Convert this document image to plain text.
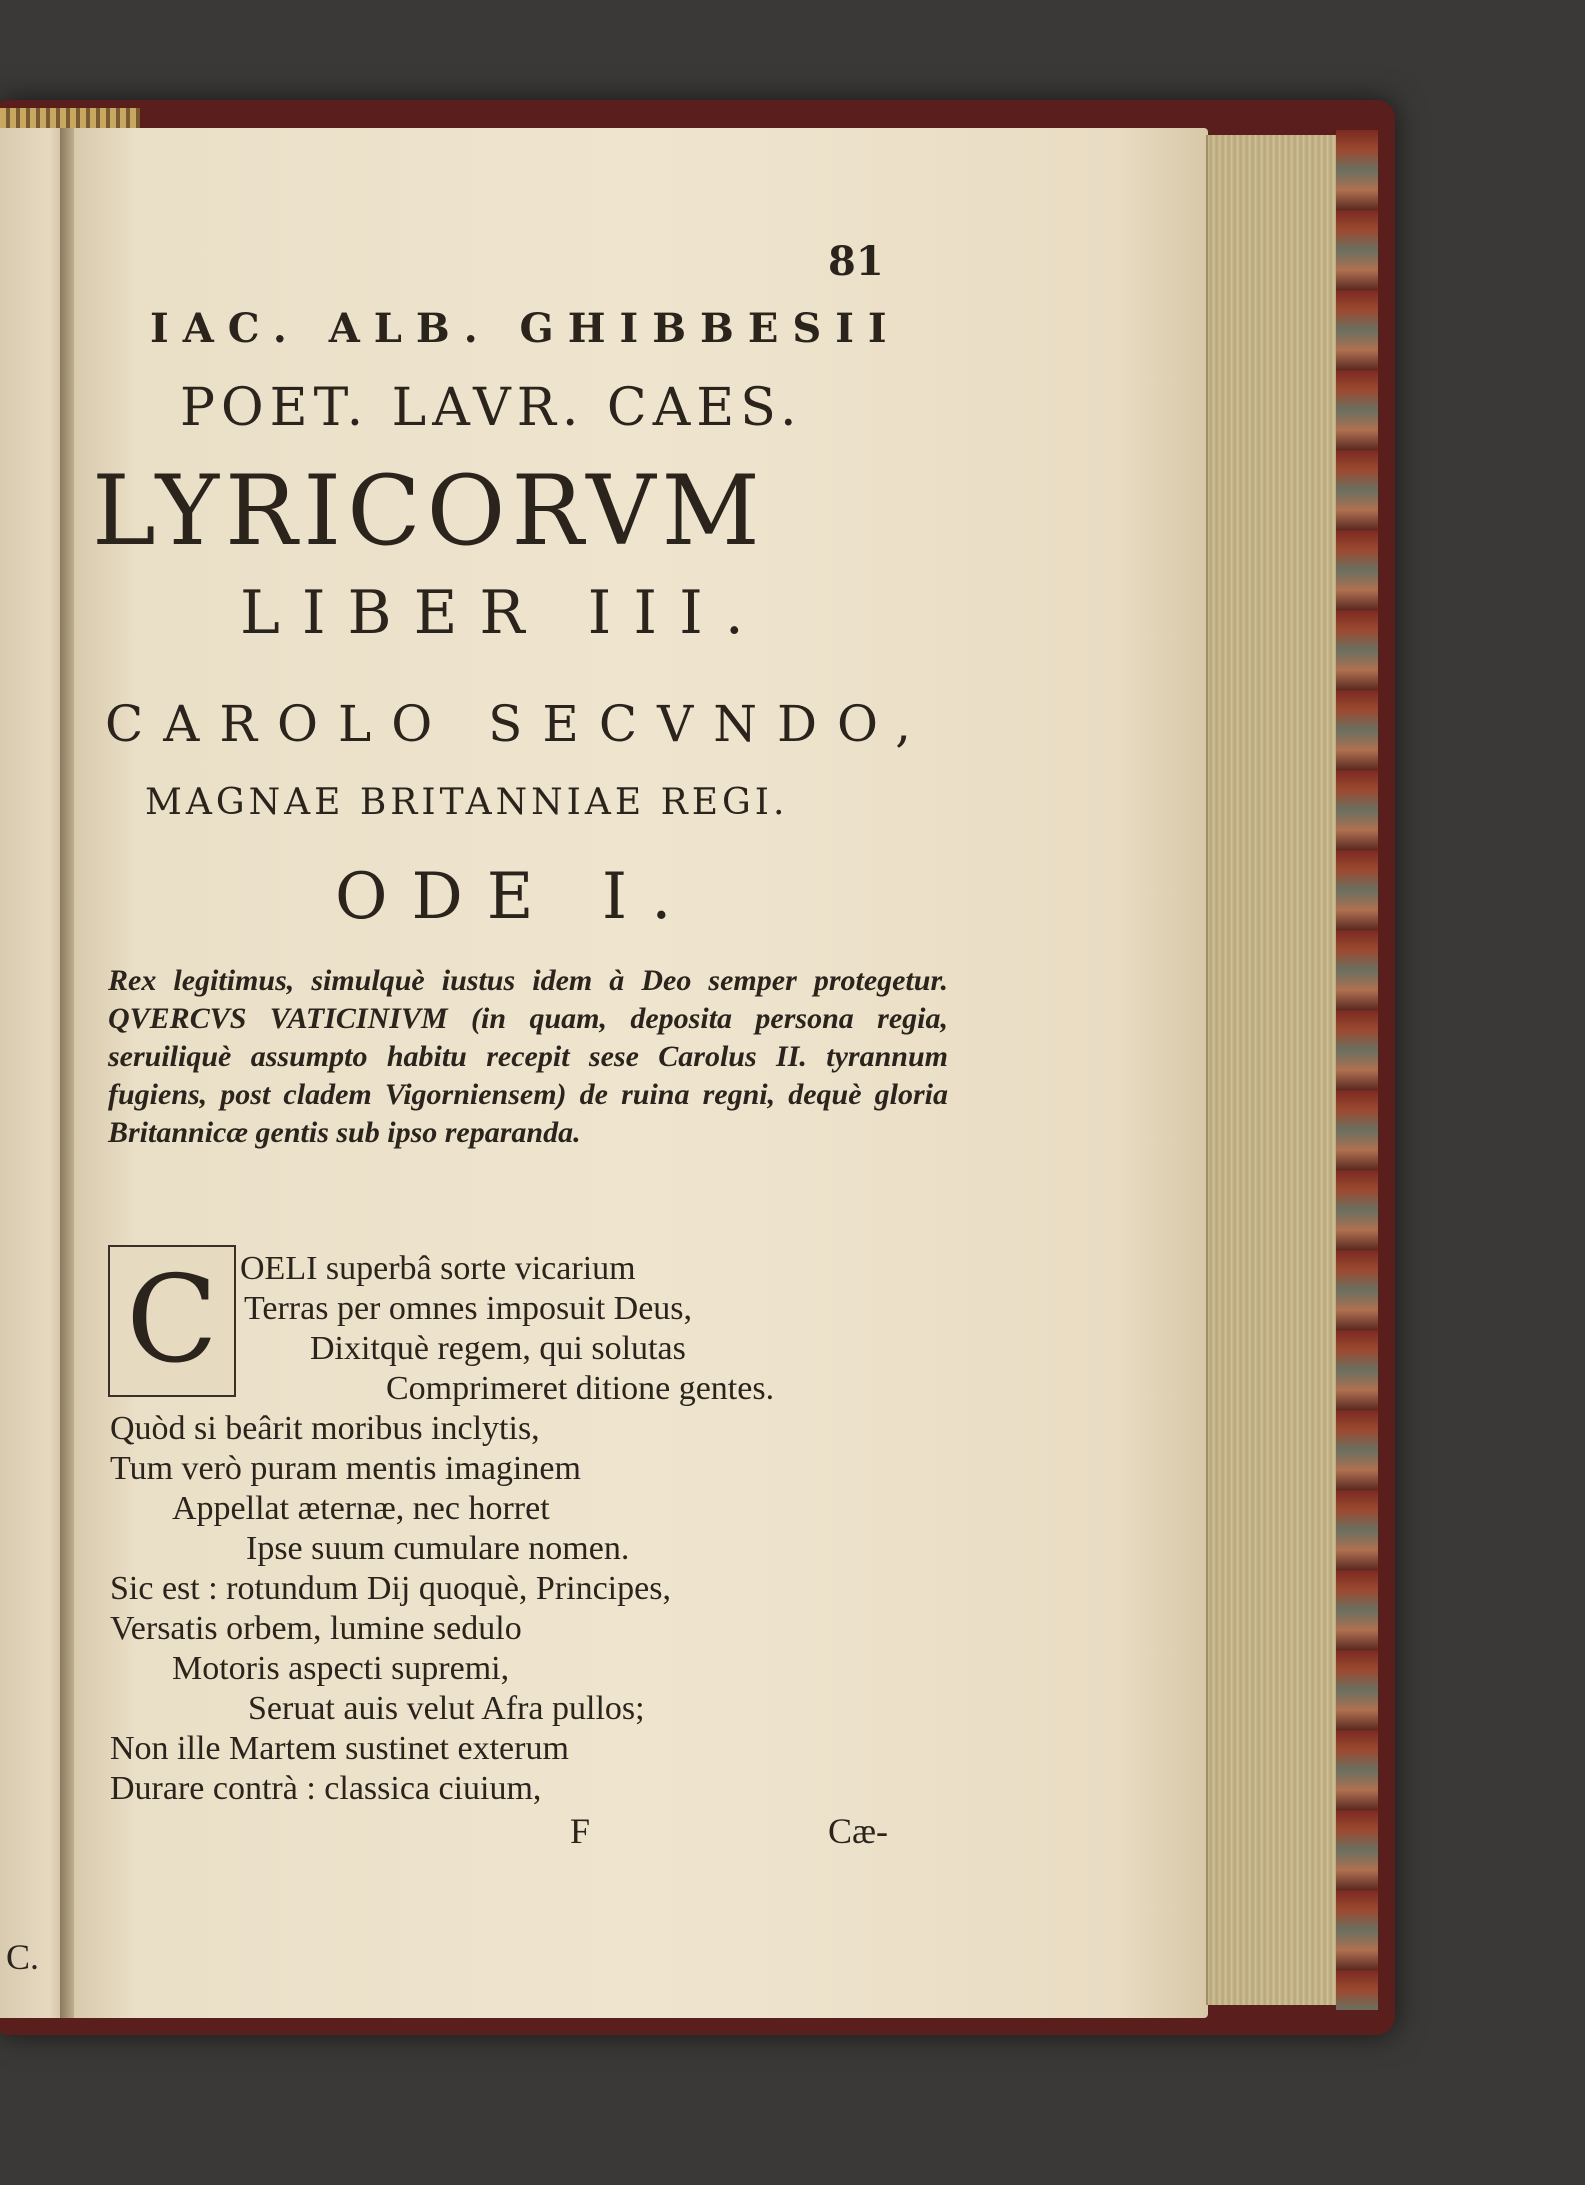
C.
81
IAC. ALB. GHIBBESII
POET. LAVR. CAES.
LYRICORVM
LIBER III.
CAROLO SECVNDO,
MAGNAE BRITANNIAE REGI.
ODE I.
Rex legitimus, simulquè iustus idem à Deo semper protegetur. QVERCVS VATICINIVM (in quam, deposita persona regia, seruiliquè assumpto habitu recepit sese Carolus II. tyrannum fugiens, post cladem Vigorniensem) de ruina regni, dequè gloria Britannicæ gentis sub ipso reparanda.
C OELI superbâ sorte vicarium
Terras per omnes imposuit Deus,
Dixitquè regem, qui solutas
Comprimeret ditione gentes.
Quòd si beârit moribus inclytis,
Tum verò puram mentis imaginem
Appellat æternæ, nec horret
Ipse suum cumulare nomen.
Sic est : rotundum Dij quoquè, Principes,
Versatis orbem, lumine sedulo
Motoris aspecti supremi,
Seruat auis velut Afra pullos;
Non ille Martem sustinet exterum
Durare contrà : classica ciuium,
F	Cæ-
